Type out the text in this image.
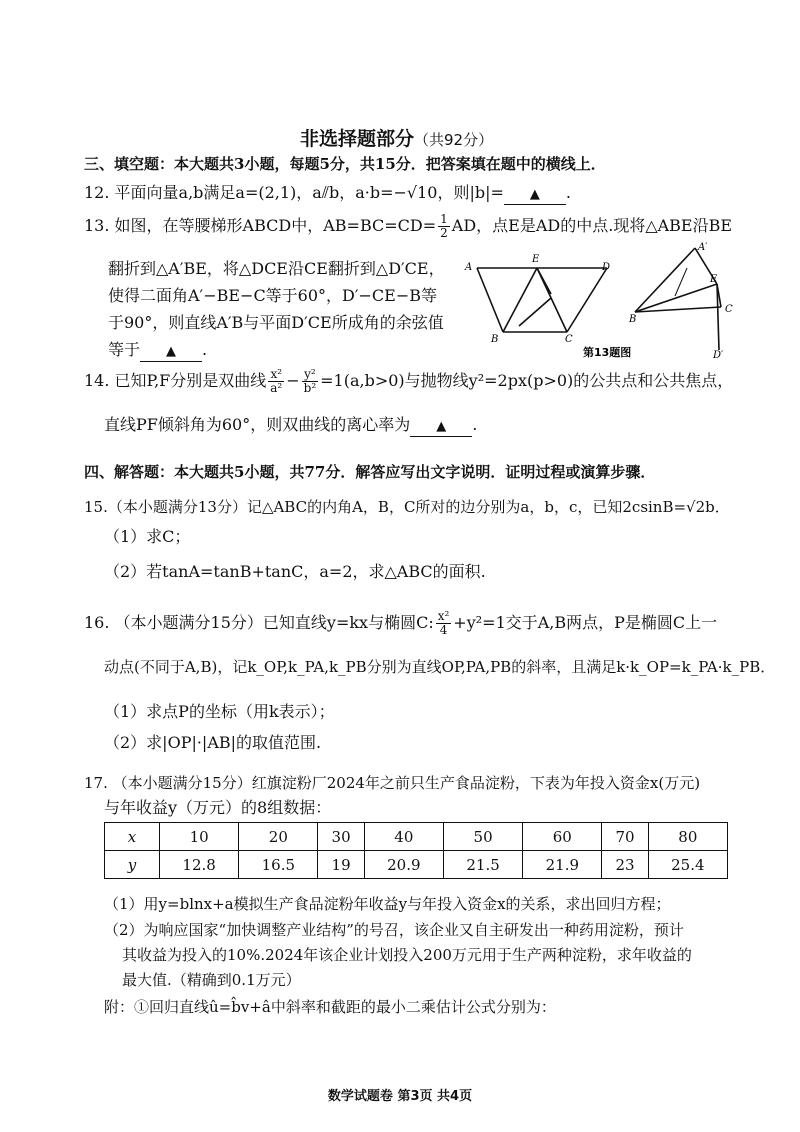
非选择题部分（共92分）
三、填空题：本大题共3小题，每题5分，共15分．把答案填在题中的横线上．
12. 平面向量a,b满足a=(2,1)，a⫽b，a·b=−√10，则|b|= ▲ .
13. 如图，在等腰梯形ABCD中，$AB=BC=CD= \frac{1}{2}$ AD，点E是AD的中点.现将△ABE沿BE
翻折到△A′BE，将△DCE沿CE翻折到△D′CE，
使得二面角A′−BE−C等于60°，D′−CE−B等
于90°，则直线A′B与平面D′CE所成角的余弦值
等于 ▲ .
A
E
D
B	C
A′
E
B
C
D′
第13题图
14. 已知P,F分别是双曲线 $\frac{\text{x²}}{\text{a²}} - \frac{\text{y²}}{\text{b²}} =1(a,b>0)$与抛物线y²=2px(p>0)的公共点和公共焦点，
直线PF倾斜角为60°，则双曲线的离心率为 ▲ .
四、解答题：本大题共5小题，共77分．解答应写出文字说明．证明过程或演算步骤．
15.（本小题满分13分）记△ABC的内角A，B，C所对的边分别为a，b，c，已知2csinB=√2b．
（1）求C；
（2）若tanA=tanB+tanC，a=2，求△ABC的面积.
16. （本小题满分15分）已知直线y=kx与椭圆C: $\frac{\text{x²}}{4} +y^2=1$交于A,B两点，P是椭圆C上一
动点(不同于A,B)，记k_OP,k_PA,k_PB分别为直线OP,PA,PB的斜率，且满足k·k_OP=k_PA·k_PB．
（1）求点P的坐标（用k表示）；
（2）求|OP|·|AB|的取值范围.
17. （本小题满分15分）红旗淀粉厂2024年之前只生产食品淀粉，下表为年投入资金x(万元)
与年收益y（万元）的8组数据：
x	10	20	30	40	50	60	70	80
y	12.8	16.5	19	20.9	21.5	21.9	23	25.4
（1）用y=blnx+a模拟生产食品淀粉年收益y与年投入资金x的关系，求出回归方程；
（2）为响应国家“加快调整产业结构”的号召，该企业又自主研发出一种药用淀粉，预计
其收益为投入的10%.2024年该企业计划投入200万元用于生产两种淀粉，求年收益的
最大值.（精确到0.1万元）
附：①回归直线û=b̂v+â中斜率和截距的最小二乘估计公式分别为：
数学试题卷 第3页 共4页
